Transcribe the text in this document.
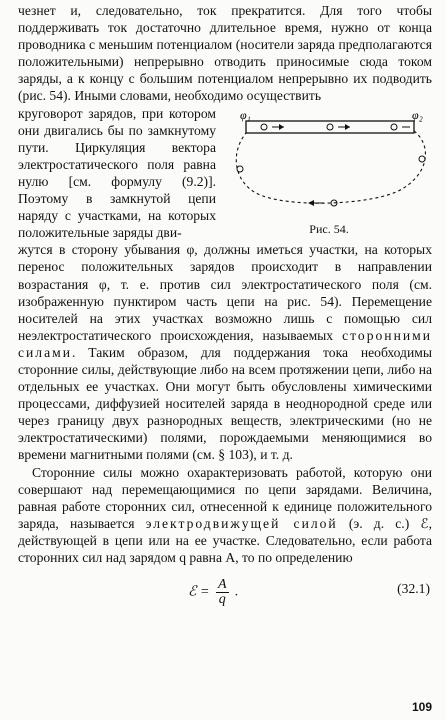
чезнет и, следовательно, ток прекратится. Для того чтобы поддерживать ток достаточно длительное время, нужно от конца проводника с меньшим потенциалом (носители заряда предполагаются положительными) непрерывно отводить приносимые сюда током заряды, а к концу с большим потенциалом непрерывно их подводить (рис. 54). Иными словами, необходимо осуществить

φ₁	φ₂
Рис. 54.

круговорот зарядов, при котором они двигались бы по замкнутому пути. Циркуляция вектора электростатического поля равна нулю [см. формулу (9.2)]. Поэтому в замкнутой цепи наряду с участками, на которых положительные заряды дви-

жутся в сторону убывания φ, должны иметься участки, на которых перенос положительных зарядов происходит в направлении возрастания φ, т. е. против сил электростатического поля (см. изображенную пунктиром часть цепи на рис. 54). Перемещение носителей на этих участках возможно лишь с помощью сил неэлектростатического происхождения, называемых сторонними силами. Таким образом, для поддержания тока необходимы сторонние силы, действующие либо на всем протяжении цепи, либо на отдельных ее участках. Они могут быть обусловлены химическими процессами, диффузией носителей заряда в неоднородной среде или через границу двух разнородных веществ, электрическими (но не электростатическими) полями, порождаемыми меняющимися во времени магнитными полями (см. § 103), и т. д.

Сторонние силы можно охарактеризовать работой, которую они совершают над перемещающимися по цепи зарядами. Величина, равная работе сторонних сил, отнесенной к единице положительного заряда, называется электродвижущей силой (э. д. с.) ℰ, действующей в цепи или на ее участке. Следовательно, если работа сторонних сил над зарядом q равна A, то по определению

ℰ = $\frac{A}{q}$ .	(32.1)
109
